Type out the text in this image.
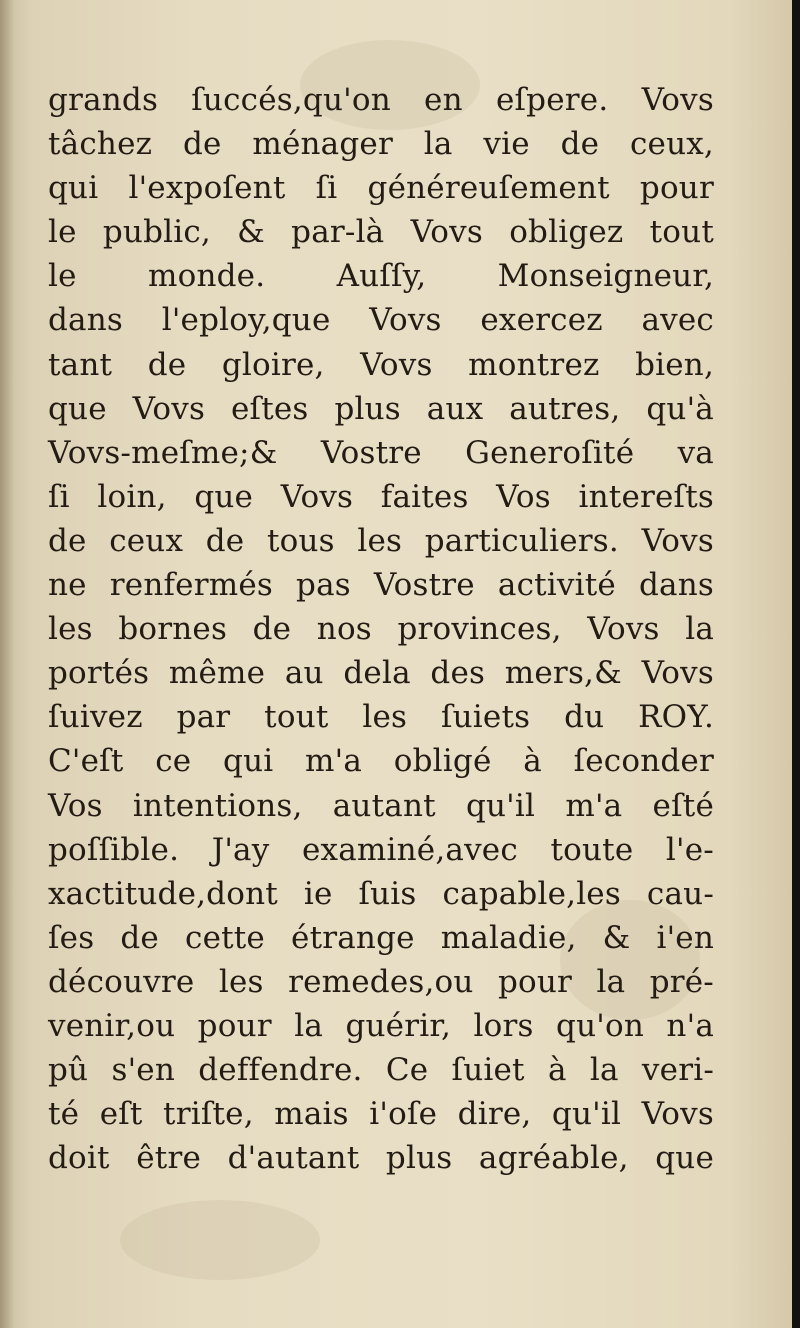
grands ſuccés,qu'on en eſpere. Vovs
tâchez de ménager la vie de ceux,
qui l'expoſent ſi généreuſement pour
le public, & par-là Vovs obligez tout
le monde. Auſſy, Monseigneur,
dans l'eploy,que Vovs exercez avec
tant de gloire, Vovs montrez bien,
que Vovs eſtes plus aux autres, qu'à
Vovs-meſme;& Vostre Generoſité va
ſi loin, que Vovs faites Vos intereſts
de ceux de tous les particuliers. Vovs
ne renfermés pas Vostre activité dans
les bornes de nos provinces, Vovs la
portés même au dela des mers,& Vovs
ſuivez par tout les ſuiets du ROY.
C'eſt ce qui m'a obligé à ſeconder
Vos intentions, autant qu'il m'a eſté
poſſible. J'ay examiné,avec toute l'e-
xactitude,dont ie ſuis capable,les cau-
ſes de cette étrange maladie, & i'en
découvre les remedes,ou pour la pré-
venir,ou pour la guérir, lors qu'on n'a
pû s'en deffendre. Ce ſuiet à la veri-
té eſt triſte, mais i'oſe dire, qu'il Vovs
doit être d'autant plus agréable, que
